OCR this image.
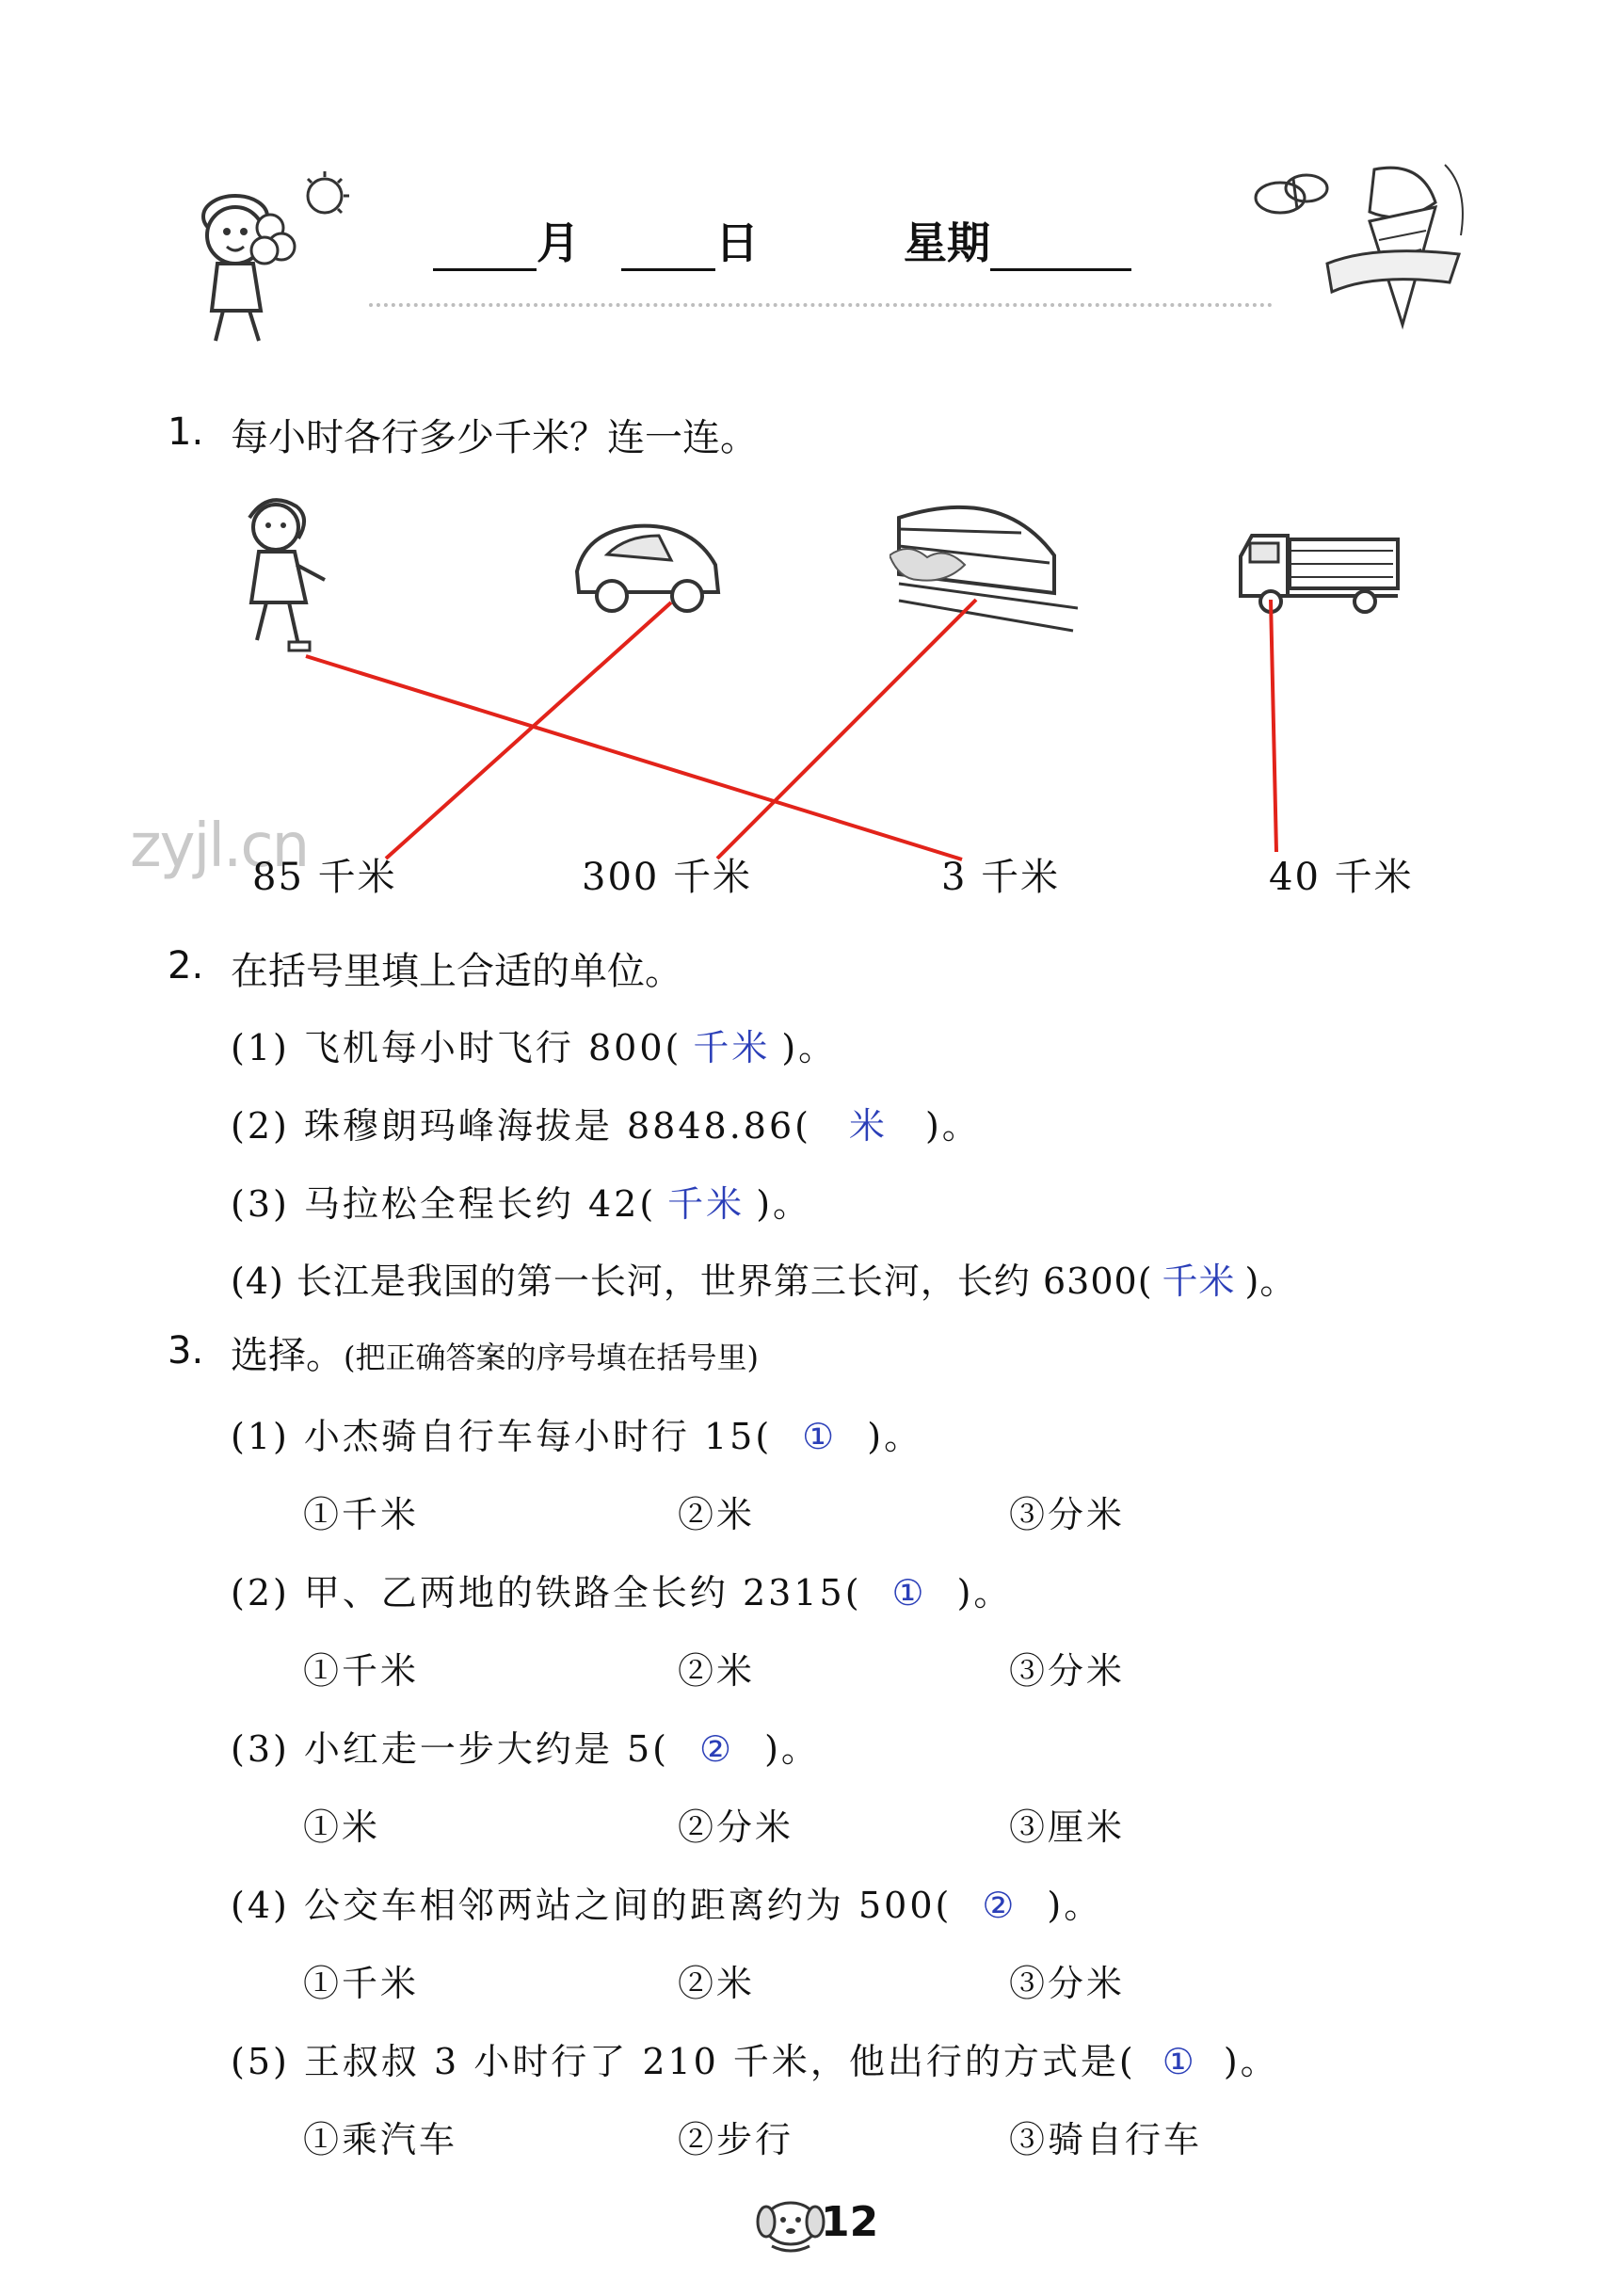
月	日	星期
1. 每小时各行多少千米？连一连。
zyjl.cn
85 千米	300 千米	3 千米	40 千米
2. 在括号里填上合适的单位。
(1) 飞机每小时飞行 800( 千米 )。
(2) 珠穆朗玛峰海拔是 8848.86( 米 )。
(3) 马拉松全程长约 42( 千米 )。
(4) 长江是我国的第一长河，世界第三长河，长约 6300( 千米 )。
3. 选择。(把正确答案的序号填在括号里)
(1) 小杰骑自行车每小时行 15( ① )。
①千米	②米	③分米
(2) 甲、乙两地的铁路全长约 2315( ① )。
①千米	②米	③分米
(3) 小红走一步大约是 5( ② )。
①米	②分米	③厘米
(4) 公交车相邻两站之间的距离约为 500( ② )。
①千米	②米	③分米
(5) 王叔叔 3 小时行了 210 千米，他出行的方式是( ① )。
①乘汽车	②步行	③骑自行车
12
